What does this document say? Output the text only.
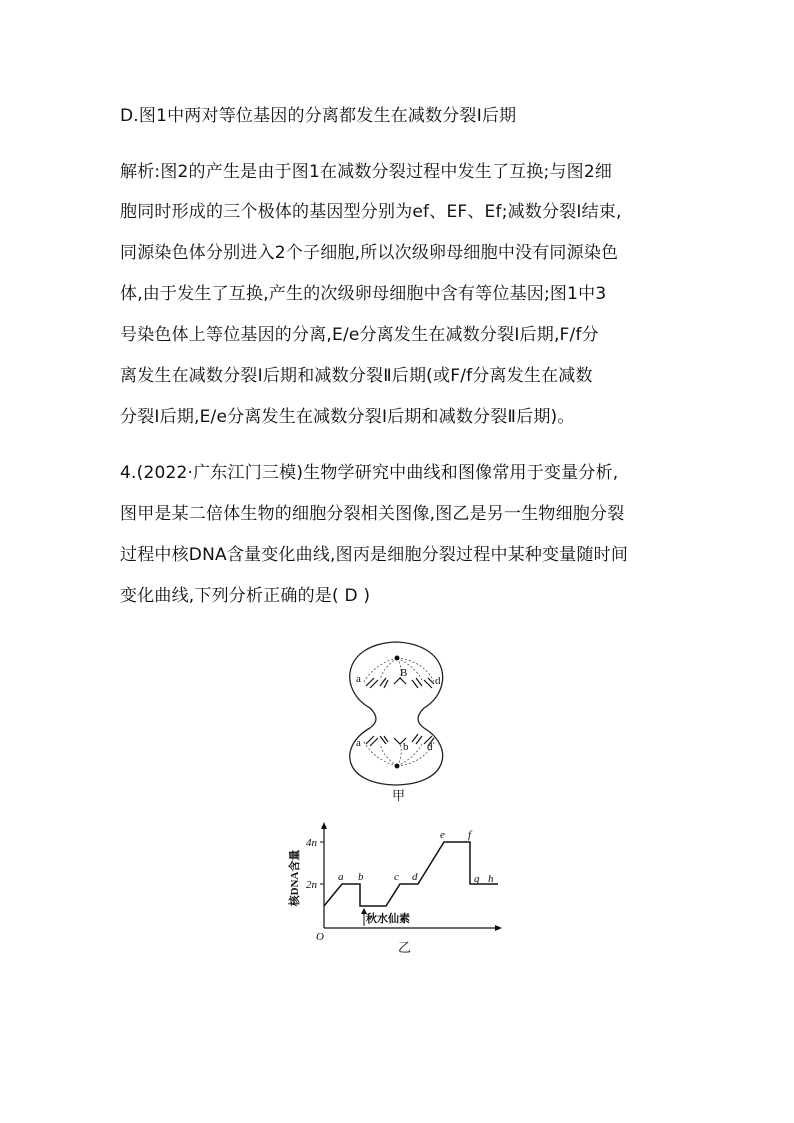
D.图1中两对等位基因的分离都发生在减数分裂Ⅰ后期
解析:图2的产生是由于图1在减数分裂过程中发生了互换;与图2细
胞同时形成的三个极体的基因型分别为ef、EF、Ef;减数分裂Ⅰ结束,
同源染色体分别进入2个子细胞,所以次级卵母细胞中没有同源染色
体,由于发生了互换,产生的次级卵母细胞中含有等位基因;图1中3
号染色体上等位基因的分离,E/e分离发生在减数分裂Ⅰ后期,F/f分
离发生在减数分裂Ⅰ后期和减数分裂Ⅱ后期(或F/f分离发生在减数
分裂Ⅰ后期,E/e分离发生在减数分裂Ⅰ后期和减数分裂Ⅱ后期)。
4.(2022·广东江门三模)生物学研究中曲线和图像常用于变量分析,
图甲是某二倍体生物的细胞分裂相关图像,图乙是另一生物细胞分裂
过程中核DNA含量变化曲线,图丙是细胞分裂过程中某种变量随时间
变化曲线,下列分析正确的是( D )
a	B
d
a	b d
甲
核DNA含量
4n
2n
O
a b	c d
e f
g h
秋水仙素
乙
